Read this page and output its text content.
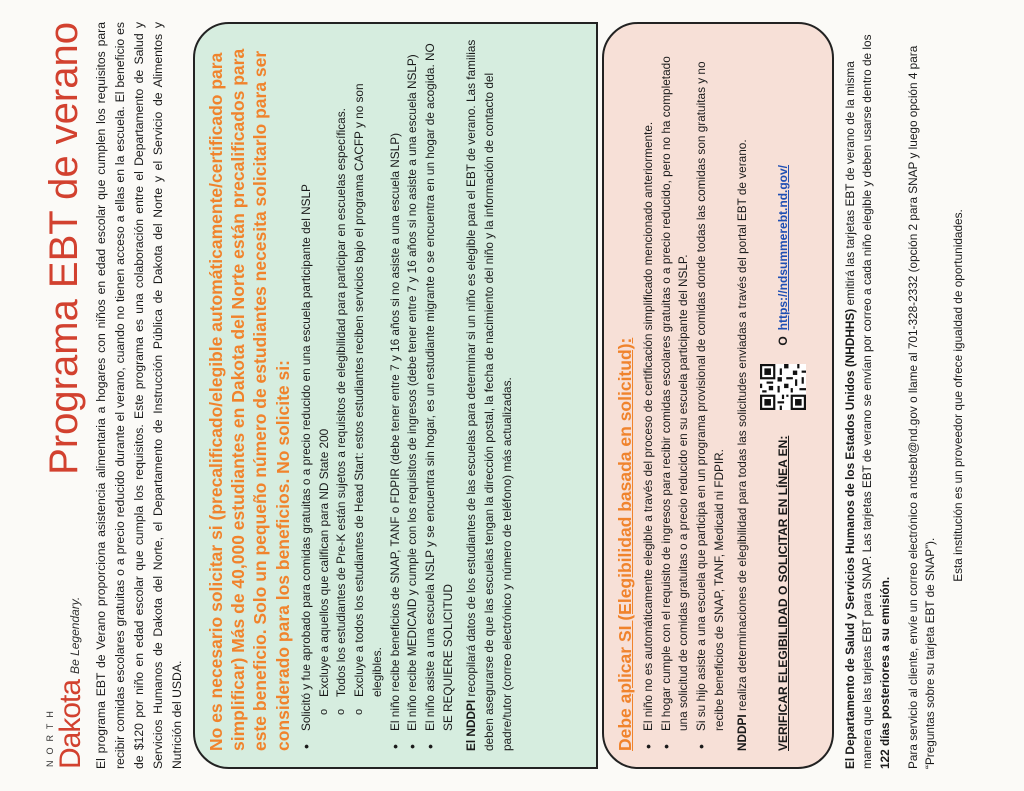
NORTH Dakota
Be Legendary.
Programa EBT de verano El programa EBT de Verano proporciona asistencia alimentaria a hogares con niños en edad escolar que cumplen los requisitos para recibir comidas escolares gratuitas o a precio reducido durante el verano, cuando no tienen acceso a ellas en la escuela. El beneficio es de $120 por niño en edad escolar que cumpla los requisitos. Este programa es una colaboración entre el Departamento de Salud y Servicios Humanos de Dakota del Norte, el Departamento de Instrucción Pública de Dakota del Norte y el Servicio de Alimentos y Nutrición del USDA. No es necesario solicitar si (precalificado/elegible automáticamente/certificado para simplificar) Más de 40,000 estudiantes en Dakota del Norte están precalificados para este beneficio. Solo un pequeño número de estudiantes necesita solicitarlo para ser considerado para los beneficios. No solicite si: • Solicitó y fue aprobado para comidas gratuitas o a precio reducido en una escuela participante del NSLP o Excluye a aquellos que califican para ND State 200 o Todos los estudiantes de Pre-K están sujetos a requisitos de elegibilidad para participar en escuelas específicas. o Excluye a todos los estudiantes de Head Start: estos estudiantes reciben servicios bajo el programa CACFP y no son elegibles. • El niño recibe beneficios de SNAP, TANF o FDPIR (debe tener entre 7 y 16 años si no asiste a una escuela NSLP) • El niño recibe MEDICAID y cumple con los requisitos de ingresos (debe tener entre 7 y 16 años si no asiste a una escuela NSLP) • El niño asiste a una escuela NSLP y se encuentra sin hogar, es un estudiante migrante o se encuentra en un hogar de acogida. NO SE REQUIERE SOLICITUD El NDDPI recopilará datos de los estudiantes de las escuelas para determinar si un niño es elegible para el EBT de verano. Las familias deben asegurarse de que las escuelas tengan la dirección postal, la fecha de nacimiento del niño y la información de contacto del padre/tutor (correo electrónico y número de teléfono) más actualizadas.	Debe aplicar SI (Elegibilidad basada en solicitud): • El niño no es automáticamente elegible a través del proceso de certificación simplificado mencionado anteriormente. • El hogar cumple con el requisito de ingresos para recibir comidas escolares gratuitas o a precio reducido, pero no ha completado una solicitud de comidas gratuitas o a precio reducido en su escuela participante del NSLP. • Si su hijo asiste a una escuela que participa en un programa provisional de comidas donde todas las comidas son gratuitas y no recibe beneficios de SNAP, TANF, Medicaid ni FDPIR.

NDDPI realiza determinaciones de elegibilidad para todas las solicitudes enviadas a través del portal EBT de verano. VERIFICAR ELEGIBILIDAD O SOLICITAR EN LÍNEA EN:
Ohttps://ndsummerebt.nd.gov/

El Departamento de Salud y Servicios Humanos de los Estados Unidos (NHDHHS) emitirá las tarjetas EBT de verano de la misma manera que las tarjetas EBT para SNAP. Las tarjetas EBT de verano se envían por correo a cada niño elegible y deben usarse dentro de los 122 días posteriores a su emisión. Para servicio al cliente, envíe un correo electrónico a ndsebt@nd.gov o llame al 701-328-2332 (opción 2 para SNAP y luego opción 4 para “Preguntas sobre su tarjeta EBT de SNAP”).

Esta institución es un proveedor que ofrece igualdad de oportunidades.
